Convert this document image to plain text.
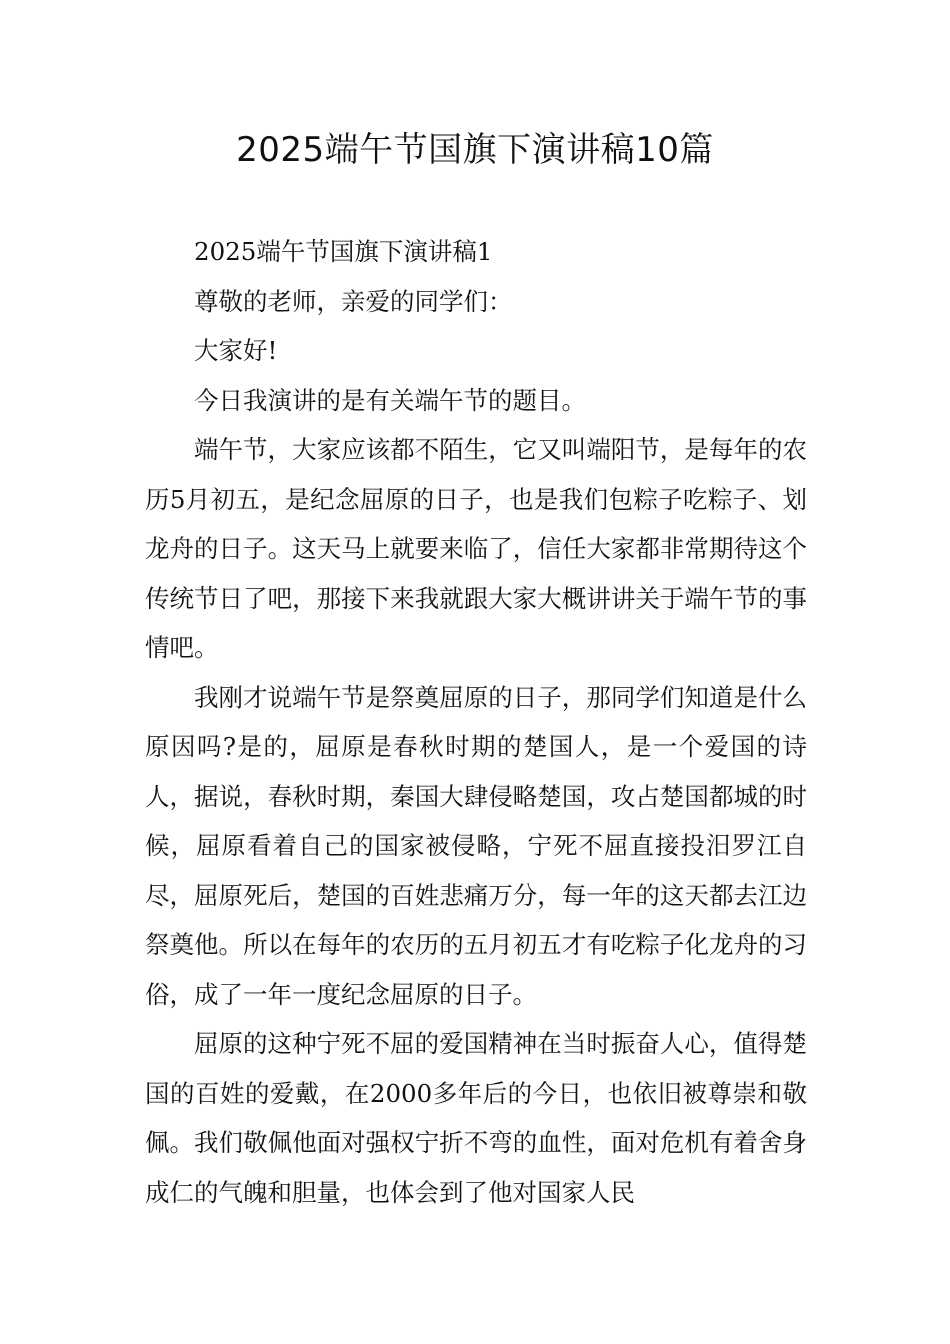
2025端午节国旗下演讲稿10篇

2025端午节国旗下演讲稿1

尊敬的老师，亲爱的同学们：

大家好!

今日我演讲的是有关端午节的题目。

端午节，大家应该都不陌生，它又叫端阳节，是每年的农历5月初五，是纪念屈原的日子，也是我们包粽子吃粽子、划龙舟的日子。这天马上就要来临了，信任大家都非常期待这个传统节日了吧，那接下来我就跟大家大概讲讲关于端午节的事情吧。

我刚才说端午节是祭奠屈原的日子，那同学们知道是什么原因吗?是的，屈原是春秋时期的楚国人，是一个爱国的诗人，据说，春秋时期，秦国大肆侵略楚国，攻占楚国都城的时候，屈原看着自己的国家被侵略，宁死不屈直接投汨罗江自尽，屈原死后，楚国的百姓悲痛万分，每一年的这天都去江边祭奠他。所以在每年的农历的五月初五才有吃粽子化龙舟的习俗，成了一年一度纪念屈原的日子。

屈原的这种宁死不屈的爱国精神在当时振奋人心，值得楚国的百姓的爱戴，在2000多年后的今日，也依旧被尊崇和敬佩。我们敬佩他面对强权宁折不弯的血性，面对危机有着舍身成仁的气魄和胆量，也体会到了他对国家人民
